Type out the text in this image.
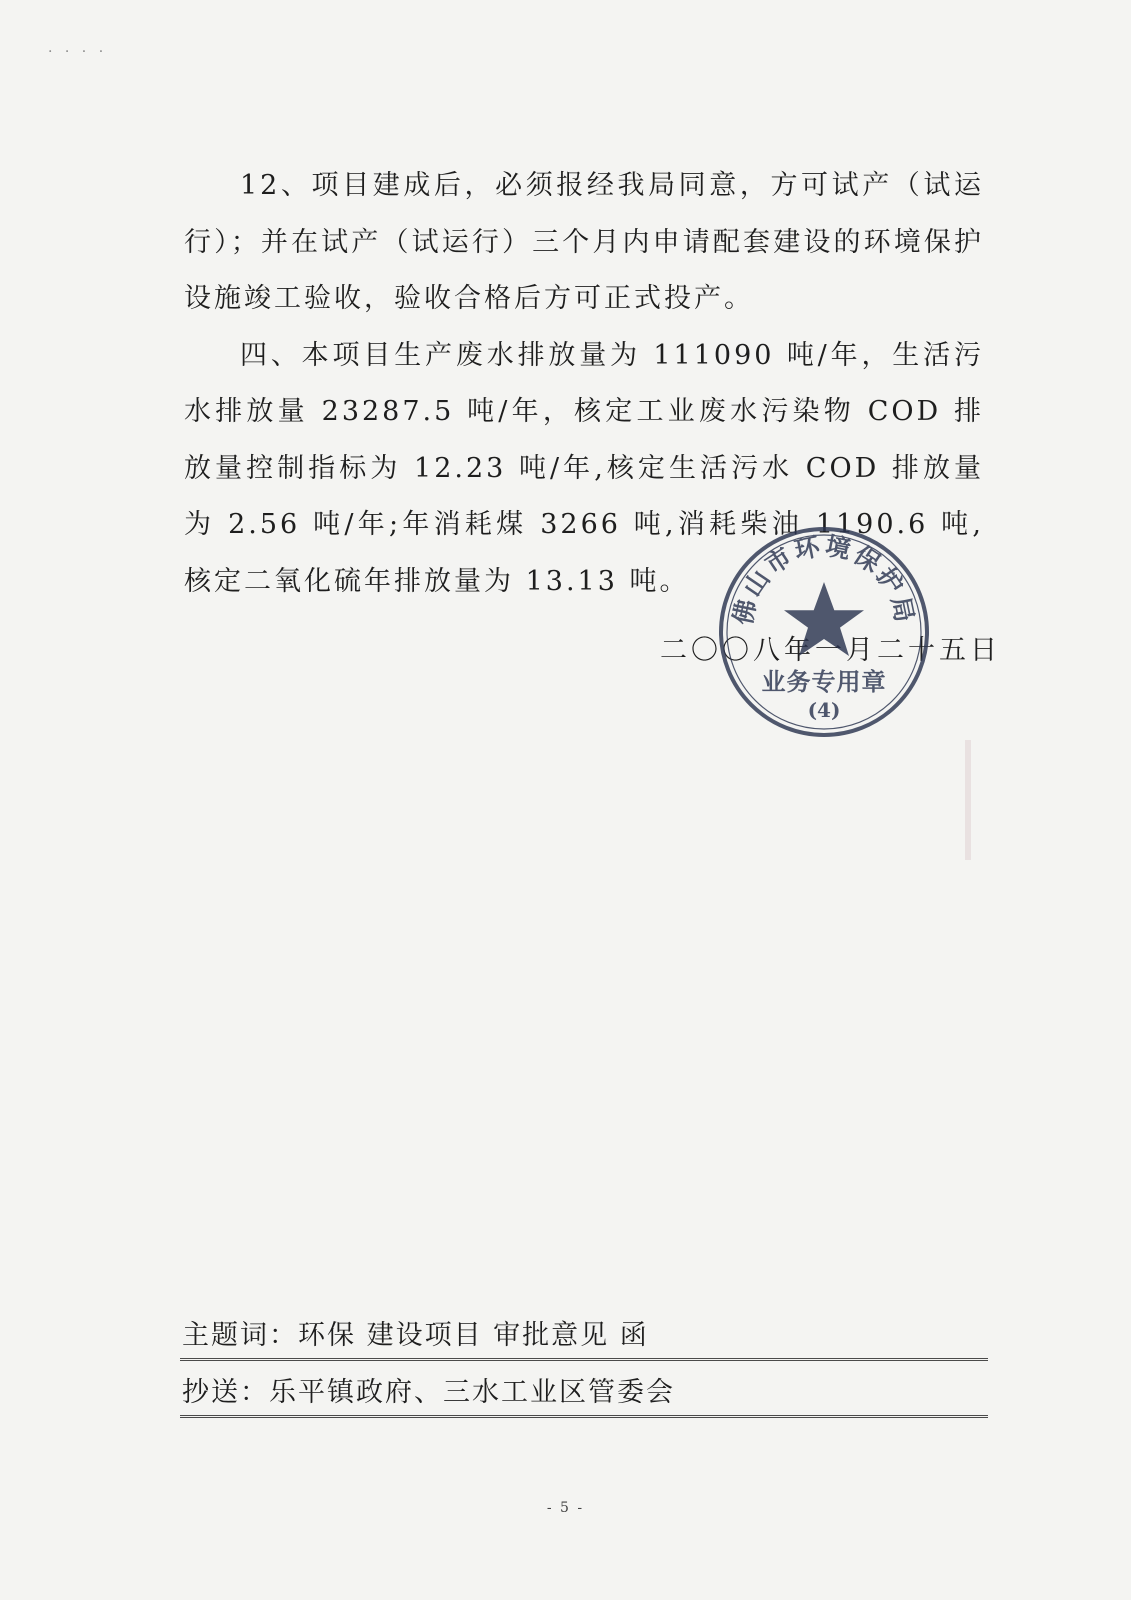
· · · ·

12、项目建成后，必须报经我局同意，方可试产（试运行）；并在试产（试运行）三个月内申请配套建设的环境保护设施竣工验收，验收合格后方可正式投产。

四、本项目生产废水排放量为 111090 吨/年，生活污水排放量 23287.5 吨/年，核定工业废水污染物 COD 排放量控制指标为 12.23 吨/年,核定生活污水 COD 排放量为 2.56 吨/年;年消耗煤 3266 吨,消耗柴油 1190.6 吨,核定二氧化硫年排放量为 13.13 吨。

二〇〇八年一月二十五日
佛山市环境保护局
业务专用章
(4)
主题词：环保 建设项目 审批意见 函
抄送：乐平镇政府、三水工业区管委会
- 5 -
